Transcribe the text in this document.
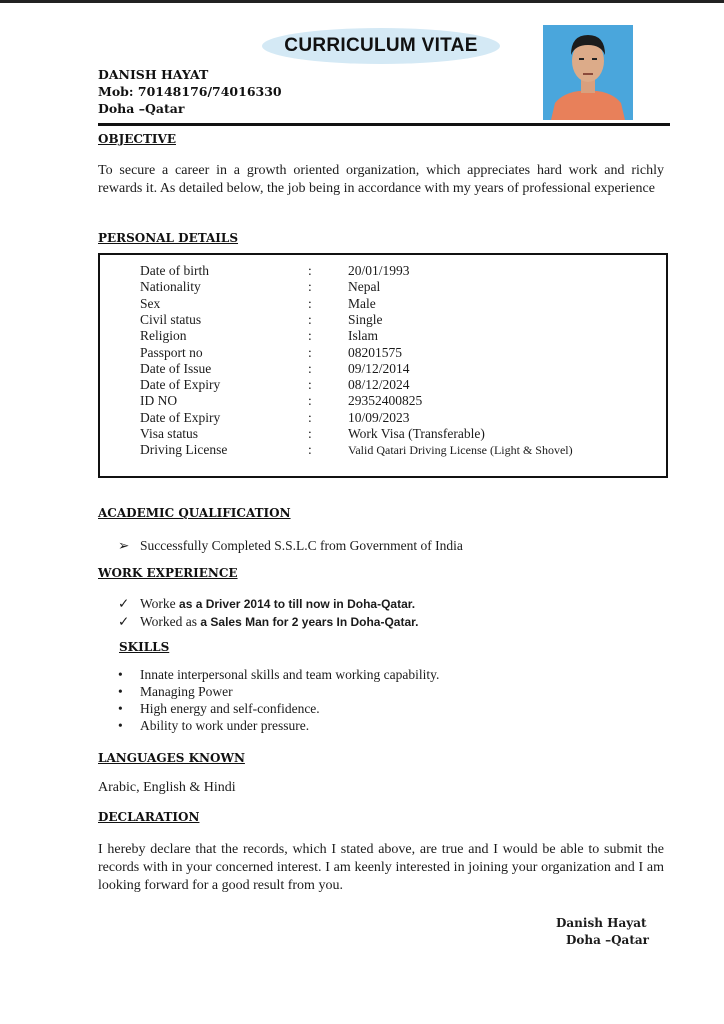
CURRICULUM VITAE
DANISH HAYAT
Mob: 70148176/74016330
Doha –Qatar
OBJECTIVE
To secure a career in a growth oriented organization, which appreciates hard work and richly rewards it. As detailed below, the job being in accordance with my years of professional experience
PERSONAL DETAILS
Date of birth	:	20/01/1993
Nationality	:	Nepal
Sex	:	Male
Civil status	:	Single
Religion	:	Islam
Passport no	:	08201575
Date of Issue	:	09/12/2014
Date of Expiry	:	08/12/2024
ID NO	:	29352400825
Date of Expiry	:	10/09/2023
Visa status	:	Work Visa (Transferable)
Driving License	:	Valid Qatari Driving License (Light & Shovel)
ACADEMIC QUALIFICATION
➢ Successfully Completed S.S.L.C from Government of India
WORK EXPERIENCE
✓ Worke as a Driver 2014 to till now in Doha-Qatar.
✓ Worked as a Sales Man for 2 years In Doha-Qatar.
SKILLS
•	Innate interpersonal skills and team working capability.
•	Managing Power
•	High energy and self-confidence.
•	Ability to work under pressure.
LANGUAGES KNOWN
Arabic, English & Hindi
DECLARATION
I hereby declare that the records, which I stated above, are true and I would be able to submit the records with in your concerned interest. I am keenly interested in joining your organization and I am looking forward for a good result from you.
Danish Hayat
Doha –Qatar
